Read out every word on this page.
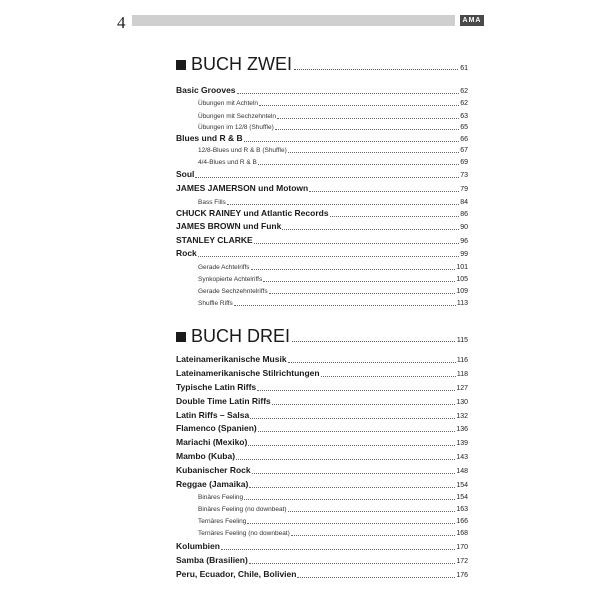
4	AMA
BUCH ZWEI	61
Basic Grooves	62
Übungen mit Achteln	62
Übungen mit Sechzehnteln	63
Übungen im 12/8 (Shuffle)	65
Blues und R & B	66
12/8-Blues und R & B (Shuffle)	67
4/4-Blues und R & B	69
Soul	73
JAMES JAMERSON und Motown	79
Bass Fills	84
CHUCK RAINEY und Atlantic Records	86
JAMES BROWN und Funk	90
STANLEY CLARKE	96
Rock	99
Gerade Achtelriffs	101
Synkopierte Achtelriffs	105
Gerade Sechzehntelriffs	109
Shuffle Riffs	113
BUCH DREI	115
Lateinamerikanische Musik	116
Lateinamerikanische Stilrichtungen	118
Typische Latin Riffs	127
Double Time Latin Riffs	130
Latin Riffs – Salsa	132
Flamenco (Spanien)	136
Mariachi (Mexiko)	139
Mambo (Kuba)	143
Kubanischer Rock	148
Reggae (Jamaika)	154
Binäres Feeling	154
Binäres Feeling (no downbeat)	163
Ternäres Feeling	166
Ternäres Feeling (no downbeat)	168
Kolumbien	170
Samba (Brasilien)	172
Peru, Ecuador, Chile, Bolivien	176
